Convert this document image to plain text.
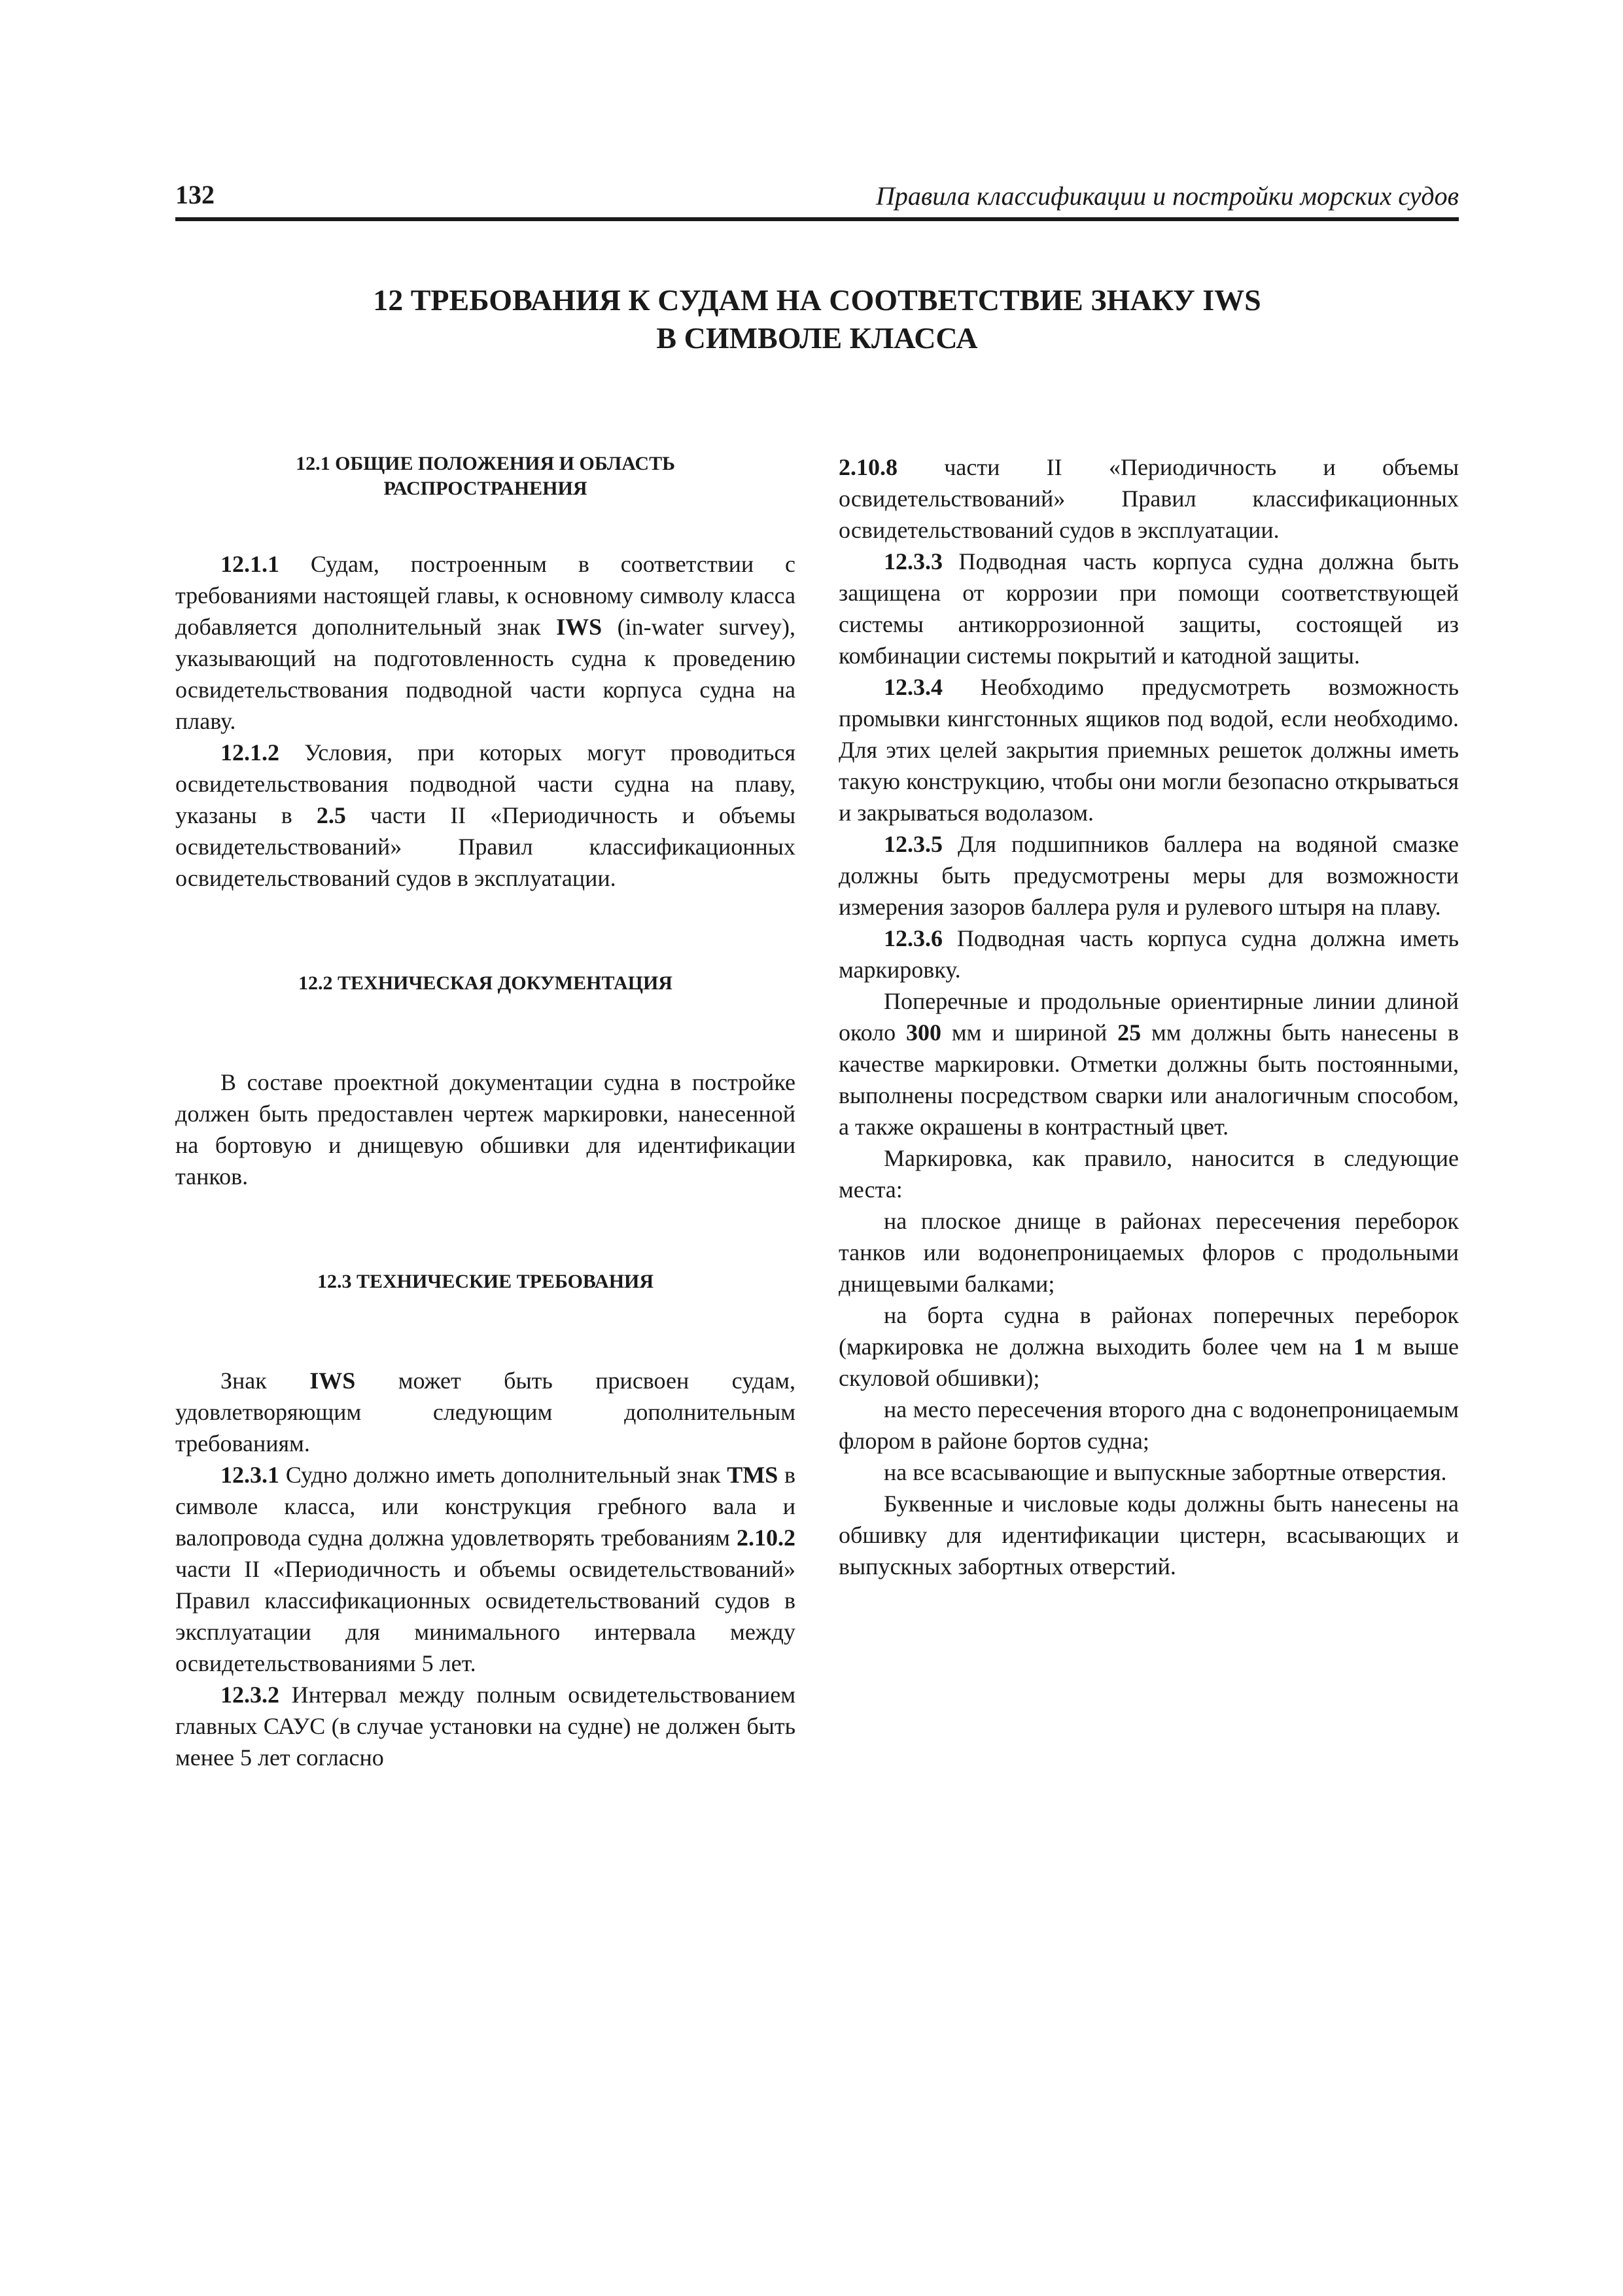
132	Правила классификации и постройки морских судов
12 ТРЕБОВАНИЯ К СУДАМ НА СООТВЕТСТВИЕ ЗНАКУ IWS
В СИМВОЛЕ КЛАССА
12.1 ОБЩИЕ ПОЛОЖЕНИЯ И ОБЛАСТЬ
РАСПРОСТРАНЕНИЯ

12.1.1 Судам, построенным в соответствии с требованиями настоящей главы, к основному символу класса добавляется дополнительный знак IWS (in-water survey), указывающий на подготовленность судна к проведению освидетельствования подводной части корпуса судна на плаву.

12.1.2 Условия, при которых могут проводиться освидетельствования подводной части судна на плаву, указаны в 2.5 части II «Периодичность и объемы освидетельствований» Правил классификационных освидетельствований судов в эксплуатации.

12.2 ТЕХНИЧЕСКАЯ ДОКУМЕНТАЦИЯ

В составе проектной документации судна в постройке должен быть предоставлен чертеж маркировки, нанесенной на бортовую и днищевую обшивки для идентификации танков.

12.3 ТЕХНИЧЕСКИЕ ТРЕБОВАНИЯ

Знак IWS может быть присвоен судам, удовлетворяющим следующим дополнительным требованиям.

12.3.1 Судно должно иметь дополнительный знак TMS в символе класса, или конструкция гребного вала и валопровода судна должна удовлетворять требованиям 2.10.2 части II «Периодичность и объемы освидетельствований» Правил классификационных освидетельствований судов в эксплуатации для минимального интервала между освидетельствованиями 5 лет.

12.3.2 Интервал между полным освидетельствованием главных САУС (в случае установки на судне) не должен быть менее 5 лет согласно

2.10.8 части II «Периодичность и объемы освидетельствований» Правил классификационных освидетельствований судов в эксплуатации.

12.3.3 Подводная часть корпуса судна должна быть защищена от коррозии при помощи соответствующей системы антикоррозионной защиты, состоящей из комбинации системы покрытий и катодной защиты.

12.3.4 Необходимо предусмотреть возможность промывки кингстонных ящиков под водой, если необходимо. Для этих целей закрытия приемных решеток должны иметь такую конструкцию, чтобы они могли безопасно открываться и закрываться водолазом.

12.3.5 Для подшипников баллера на водяной смазке должны быть предусмотрены меры для возможности измерения зазоров баллера руля и рулевого штыря на плаву.

12.3.6 Подводная часть корпуса судна должна иметь маркировку.

Поперечные и продольные ориентирные линии длиной около 300 мм и шириной 25 мм должны быть нанесены в качестве маркировки. Отметки должны быть постоянными, выполнены посредством сварки или аналогичным способом, а также окрашены в контрастный цвет.

Маркировка, как правило, наносится в следующие места:

на плоское днище в районах пересечения переборок танков или водонепроницаемых флоров с продольными днищевыми балками;

на борта судна в районах поперечных переборок (маркировка не должна выходить более чем на 1 м выше скуловой обшивки);

на место пересечения второго дна с водонепроницаемым флором в районе бортов судна;

на все всасывающие и выпускные забортные отверстия.

Буквенные и числовые коды должны быть нанесены на обшивку для идентификации цистерн, всасывающих и выпускных забортных отверстий.
